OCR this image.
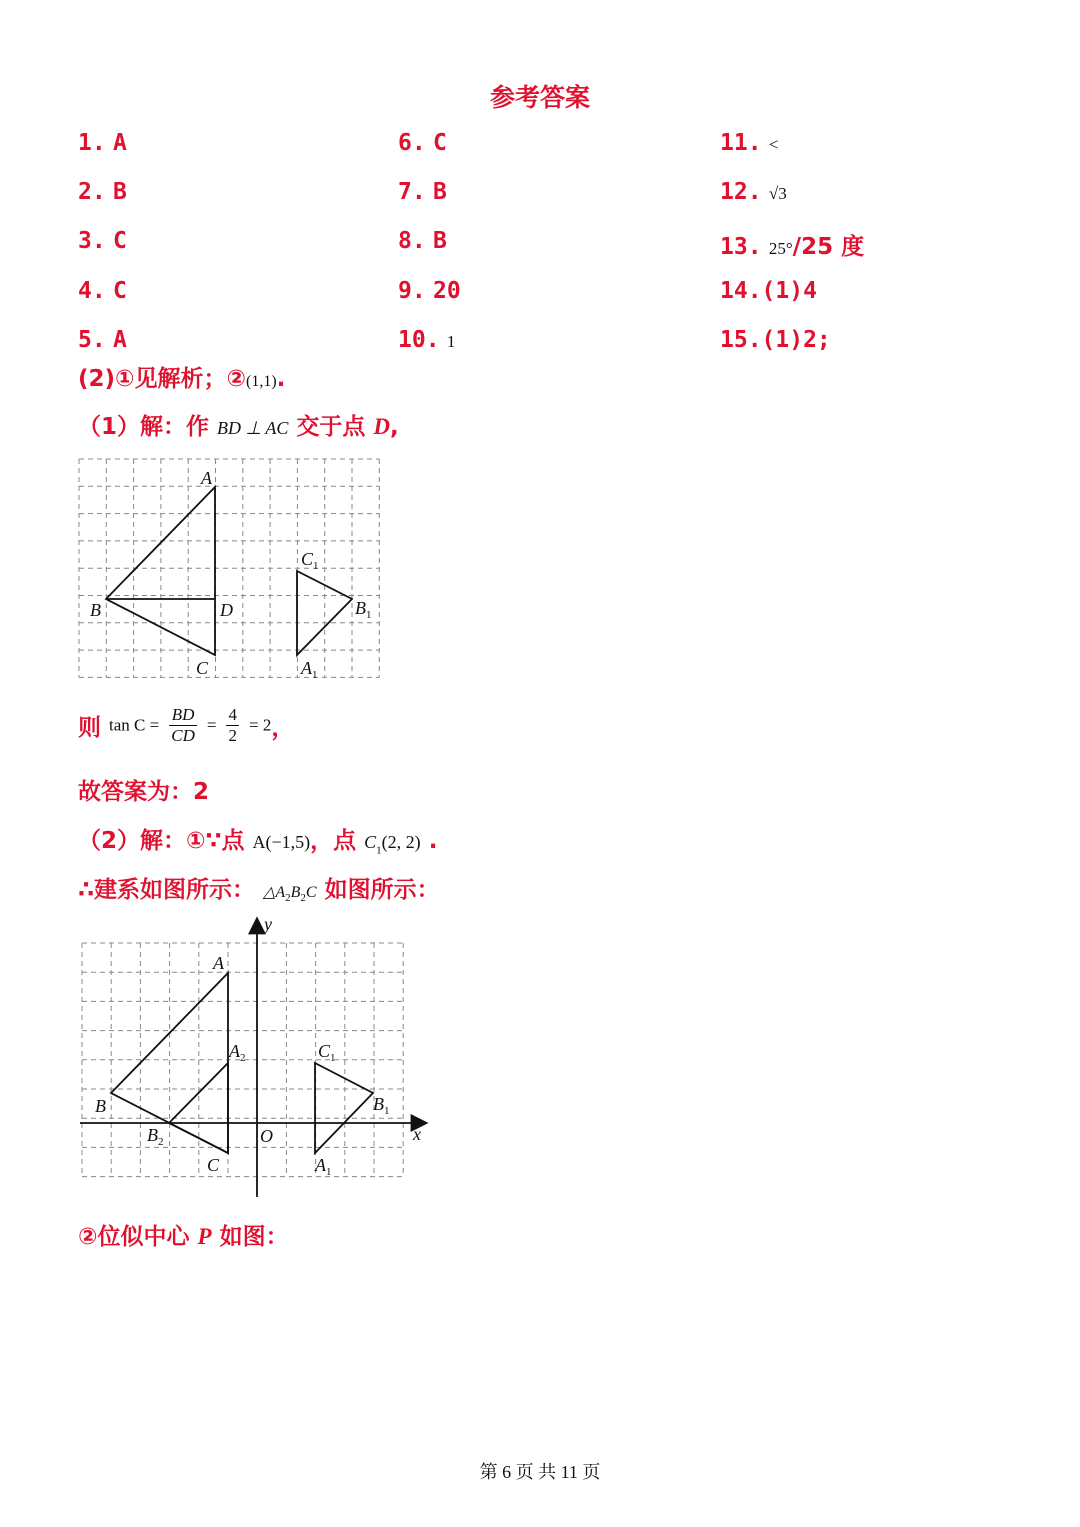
参考答案
1. A
2. B
3. C
4. C
5. A
6. C
7. B
8. B
9. 20
10. 1
11. <
12. √3
13. 25°/25 度
14.(1)4
15.(1)2;
(2)①见解析；②(1,1).
（1）解：作 BD ⊥ AC 交于点 D,
A
B
C
D
$C_1$
$B_1$
$A_1$
则 $\tan C = \frac{BD}{CD} = \frac{4}{2} = 2$，
故答案为：2
（2）解：①∵点 A(−1,5)，点 $C_1(2$, 2) .
∴建系如图所示： $\triangle A_2B_2C$ 如图所示：
A
B
C
$A_2$
$B_2$
$C_1$
$B_1$
$A_1$
O	x
y
②位似中心 P 如图：
第 6 页 共 11 页
